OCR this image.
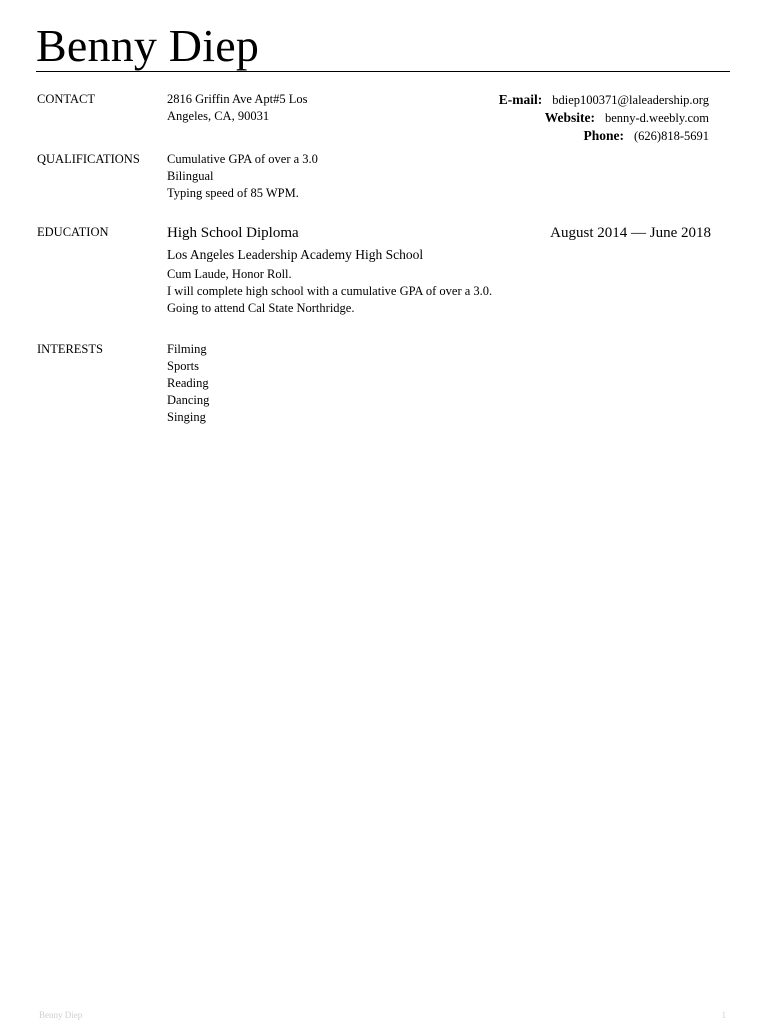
Benny Diep
CONTACT	2816 Griffin Ave Apt#5 Los
Angeles, CA, 90031
E-mail: bdiep100371@laleadership.org
Website: benny-d.weebly.com
Phone: (626)818-5691
QUALIFICATIONS Cumulative GPA of over a 3.0
Bilingual
Typing speed of 85 WPM.
EDUCATION	High School Diploma	August 2014 — June 2018
Los Angeles Leadership Academy High School
Cum Laude, Honor Roll.
I will complete high school with a cumulative GPA of over a 3.0.
Going to attend Cal State Northridge.
INTERESTS	Filming
Sports
Reading
Dancing
Singing
Benny Diep	1
